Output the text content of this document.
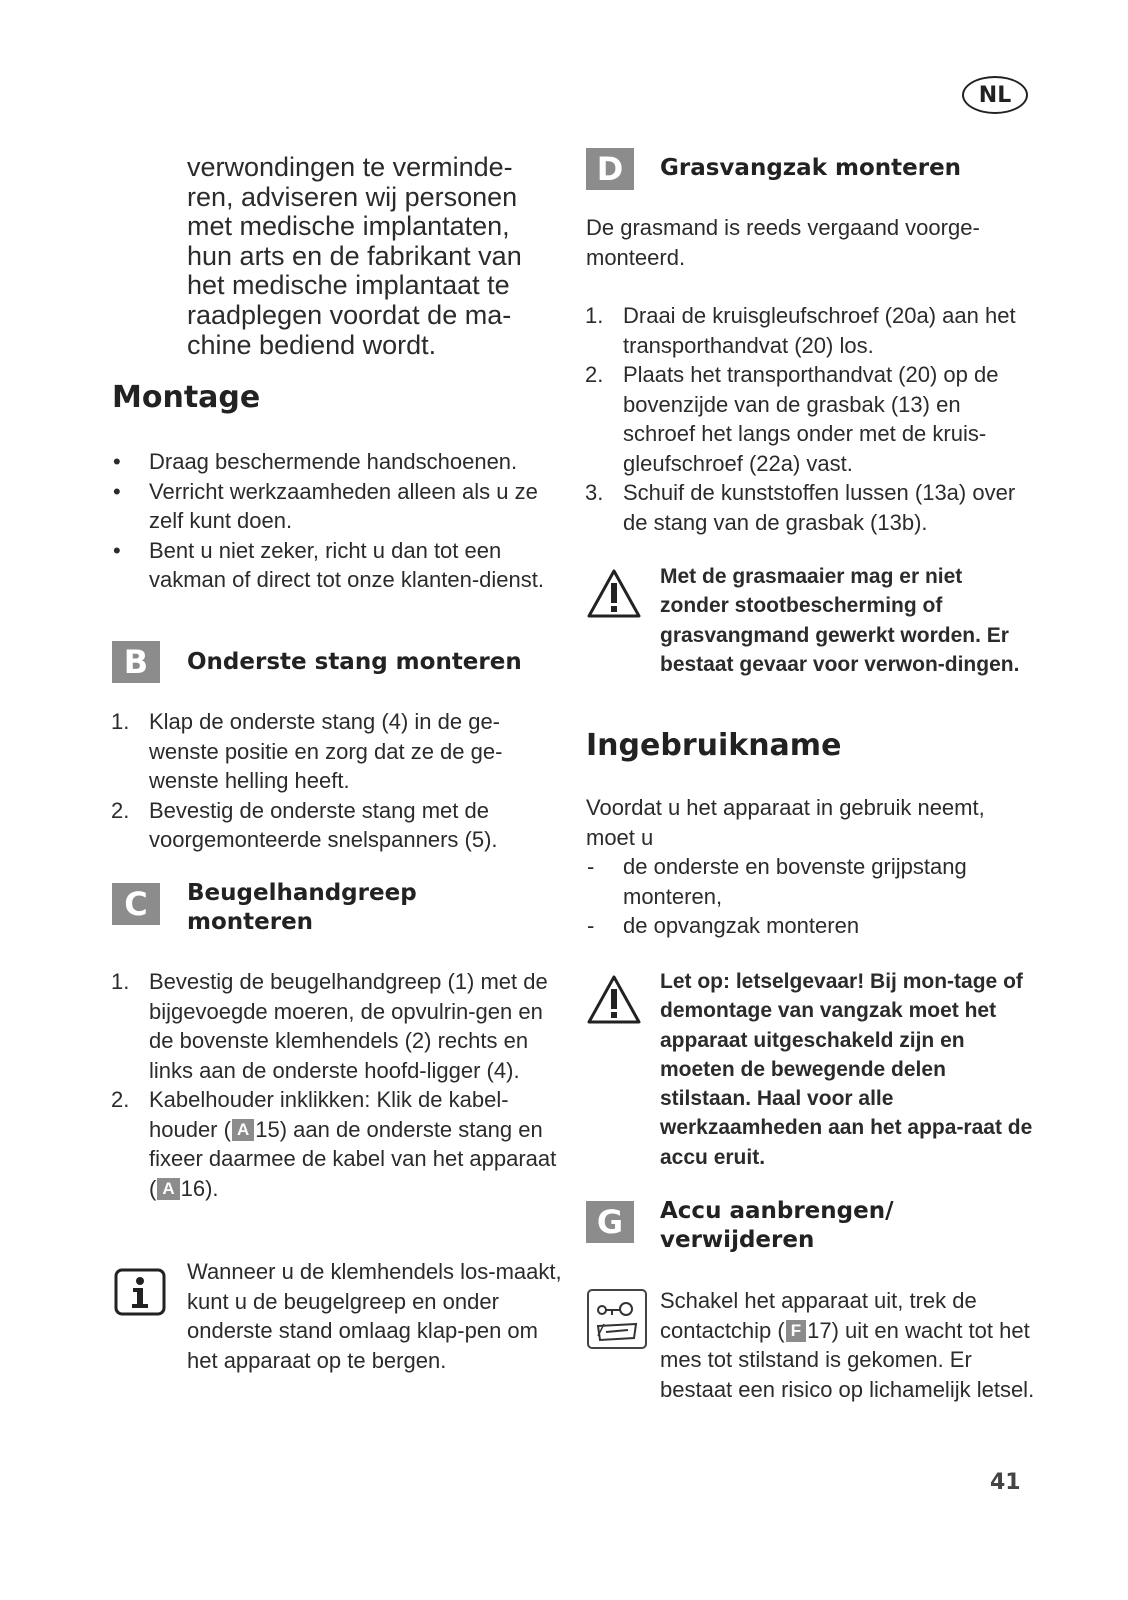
NL
verwondingen te verminde-ren, adviseren wij personen met medische implantaten, hun arts en de fabrikant van het medische implantaat te raadplegen voordat de ma-chine bediend wordt.
Montage
• Draag beschermende handschoenen.
• Verricht werkzaamheden alleen als u ze zelf kunt doen.
• Bent u niet zeker, richt u dan tot een vakman of direct tot onze klanten-dienst.
B	Onderste stang monteren
1. Klap de onderste stang (4) in de ge-wenste positie en zorg dat ze de ge-wenste helling heeft.
2. Bevestig de onderste stang met de voorgemonteerde snelspanners (5).
C	Beugelhandgreep
monteren
1. Bevestig de beugelhandgreep (1) met de bijgevoegde moeren, de opvulrin-gen en de bovenste klemhendels (2) rechts en links aan de onderste hoofd-ligger (4).
2. Kabelhouder inklikken: Klik de kabel-houder ( A 15) aan de onderste stang en fixeer daarmee de kabel van het apparaat ( A 16).
Wanneer u de klemhendels los-maakt, kunt u de beugelgreep en onder onderste stand omlaag klap-pen om het apparaat op te bergen.
D	Grasvangzak monteren
De grasmand is reeds vergaand voorge-monteerd.
1. Draai de kruisgleufschroef (20a) aan het transporthandvat (20) los.
2. Plaats het transporthandvat (20) op de bovenzijde van de grasbak (13) en schroef het langs onder met de kruis-gleufschroef (22a) vast.
3. Schuif de kunststoffen lussen (13a) over de stang van de grasbak (13b).
Met de grasmaaier mag er niet zonder stootbescherming of grasvangmand gewerkt worden. Er bestaat gevaar voor verwon-dingen.
Ingebruikname
Voordat u het apparaat in gebruik neemt, moet u
- de onderste en bovenste grijpstang monteren,
- de opvangzak monteren
Let op: letselgevaar! Bij mon-tage of demontage van vangzak moet het apparaat uitgeschakeld zijn en moeten de bewegende delen stilstaan. Haal voor alle werkzaamheden aan het appa-raat de accu eruit.
G	Accu aanbrengen/
verwijderen
Schakel het apparaat uit, trek de contactchip ( F 17) uit en wacht tot het mes tot stilstand is gekomen. Er bestaat een risico op lichamelijk letsel.
41
